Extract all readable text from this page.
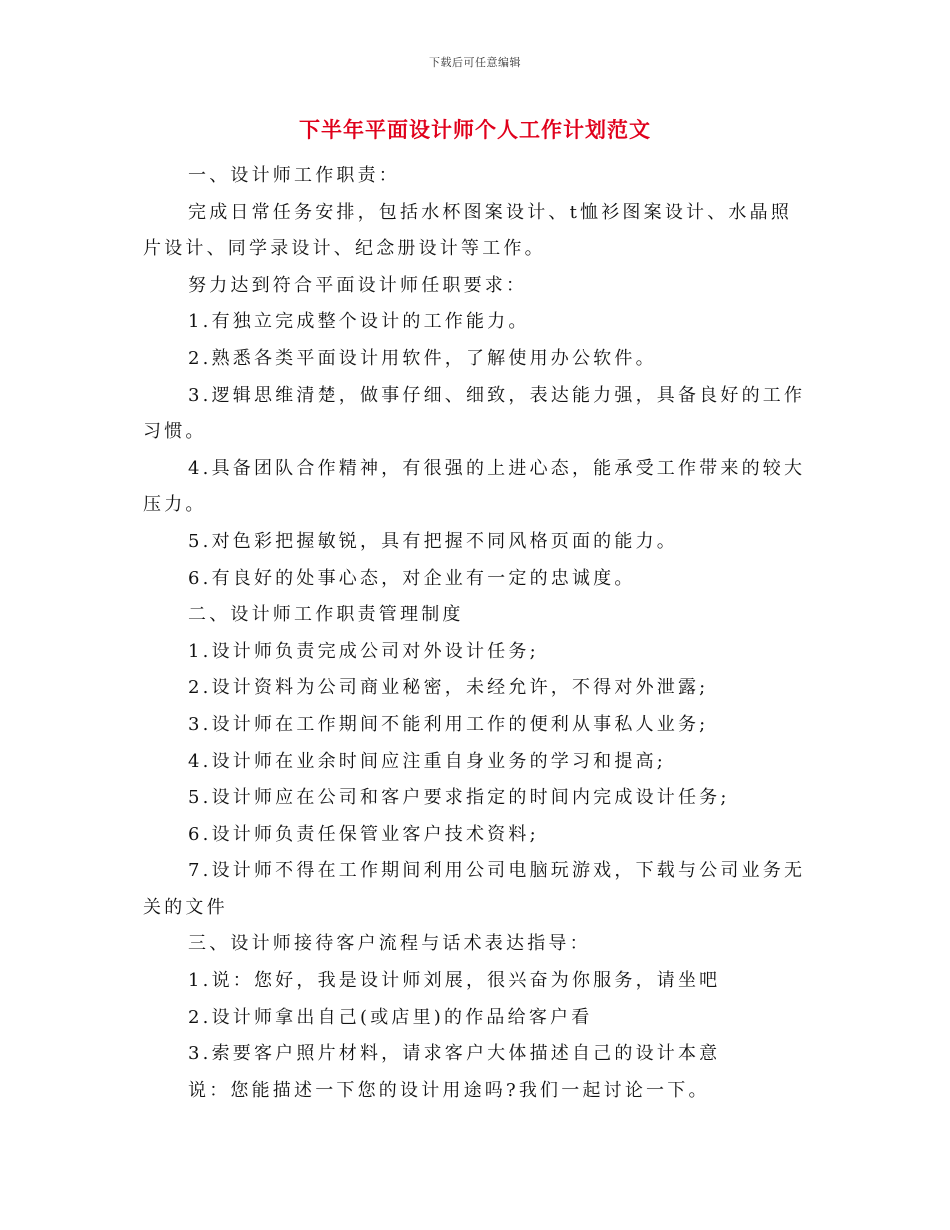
下载后可任意编辑
下半年平面设计师个人工作计划范文

一、设计师工作职责：

完成日常任务安排，包括水杯图案设计、t恤衫图案设计、水晶照片设计、同学录设计、纪念册设计等工作。

努力达到符合平面设计师任职要求：

1.有独立完成整个设计的工作能力。

2.熟悉各类平面设计用软件，了解使用办公软件。

3.逻辑思维清楚，做事仔细、细致，表达能力强，具备良好的工作习惯。

4.具备团队合作精神，有很强的上进心态，能承受工作带来的较大压力。

5.对色彩把握敏锐，具有把握不同风格页面的能力。

6.有良好的处事心态，对企业有一定的忠诚度。

二、设计师工作职责管理制度

1.设计师负责完成公司对外设计任务;

2.设计资料为公司商业秘密，未经允许，不得对外泄露;

3.设计师在工作期间不能利用工作的便利从事私人业务;

4.设计师在业余时间应注重自身业务的学习和提高;

5.设计师应在公司和客户要求指定的时间内完成设计任务;

6.设计师负责任保管业客户技术资料;

7.设计师不得在工作期间利用公司电脑玩游戏，下载与公司业务无关的文件

三、设计师接待客户流程与话术表达指导：

1.说：您好，我是设计师刘展，很兴奋为你服务，请坐吧

2.设计师拿出自己(或店里)的作品给客户看

3.索要客户照片材料，请求客户大体描述自己的设计本意

说：您能描述一下您的设计用途吗?我们一起讨论一下。
